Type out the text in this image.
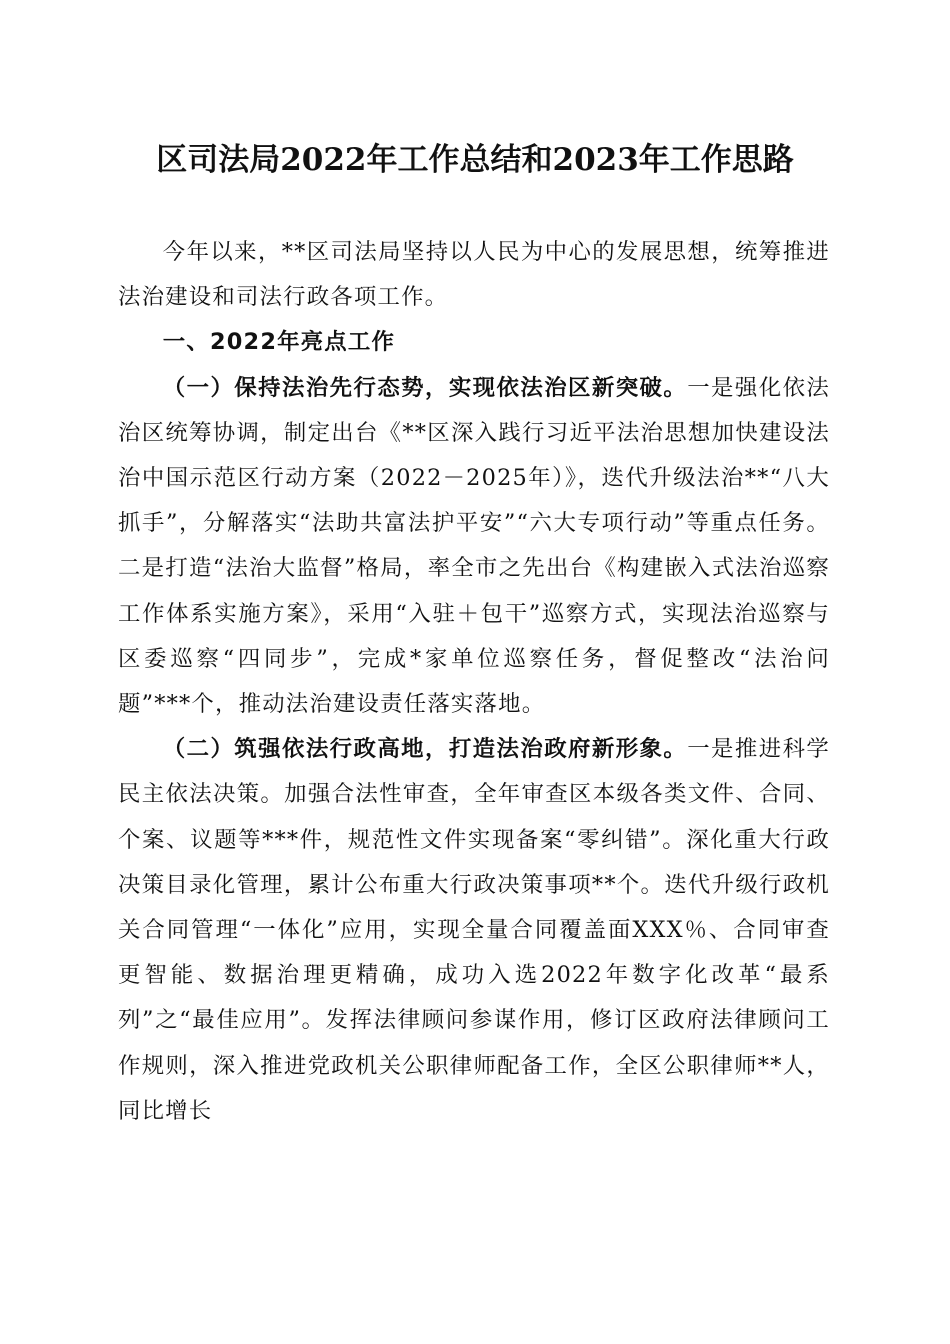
区司法局2022年工作总结和2023年工作思路

今年以来，**区司法局坚持以人民为中心的发展思想，统筹推进法治建设和司法行政各项工作。

一、2022年亮点工作

（一）保持法治先行态势，实现依法治区新突破。一是强化依法治区统筹协调，制定出台《**区深入践行习近平法治思想加快建设法治中国示范区行动方案（2022－2025年）》，迭代升级法治**“八大抓手”，分解落实“法助共富法护平安”“六大专项行动”等重点任务。二是打造“法治大监督”格局，率全市之先出台《构建嵌入式法治巡察工作体系实施方案》，采用“入驻＋包干”巡察方式，实现法治巡察与区委巡察“四同步”，完成*家单位巡察任务，督促整改“法治问题”***个，推动法治建设责任落实落地。

（二）筑强依法行政高地，打造法治政府新形象。一是推进科学民主依法决策。加强合法性审查，全年审查区本级各类文件、合同、个案、议题等***件，规范性文件实现备案“零纠错”。深化重大行政决策目录化管理，累计公布重大行政决策事项**个。迭代升级行政机关合同管理“一体化”应用，实现全量合同覆盖面XXX％、合同审查更智能、数据治理更精确，成功入选2022年数字化改革“最系列”之“最佳应用”。发挥法律顾问参谋作用，修订区政府法律顾问工作规则，深入推进党政机关公职律师配备工作，全区公职律师**人，同比增长
